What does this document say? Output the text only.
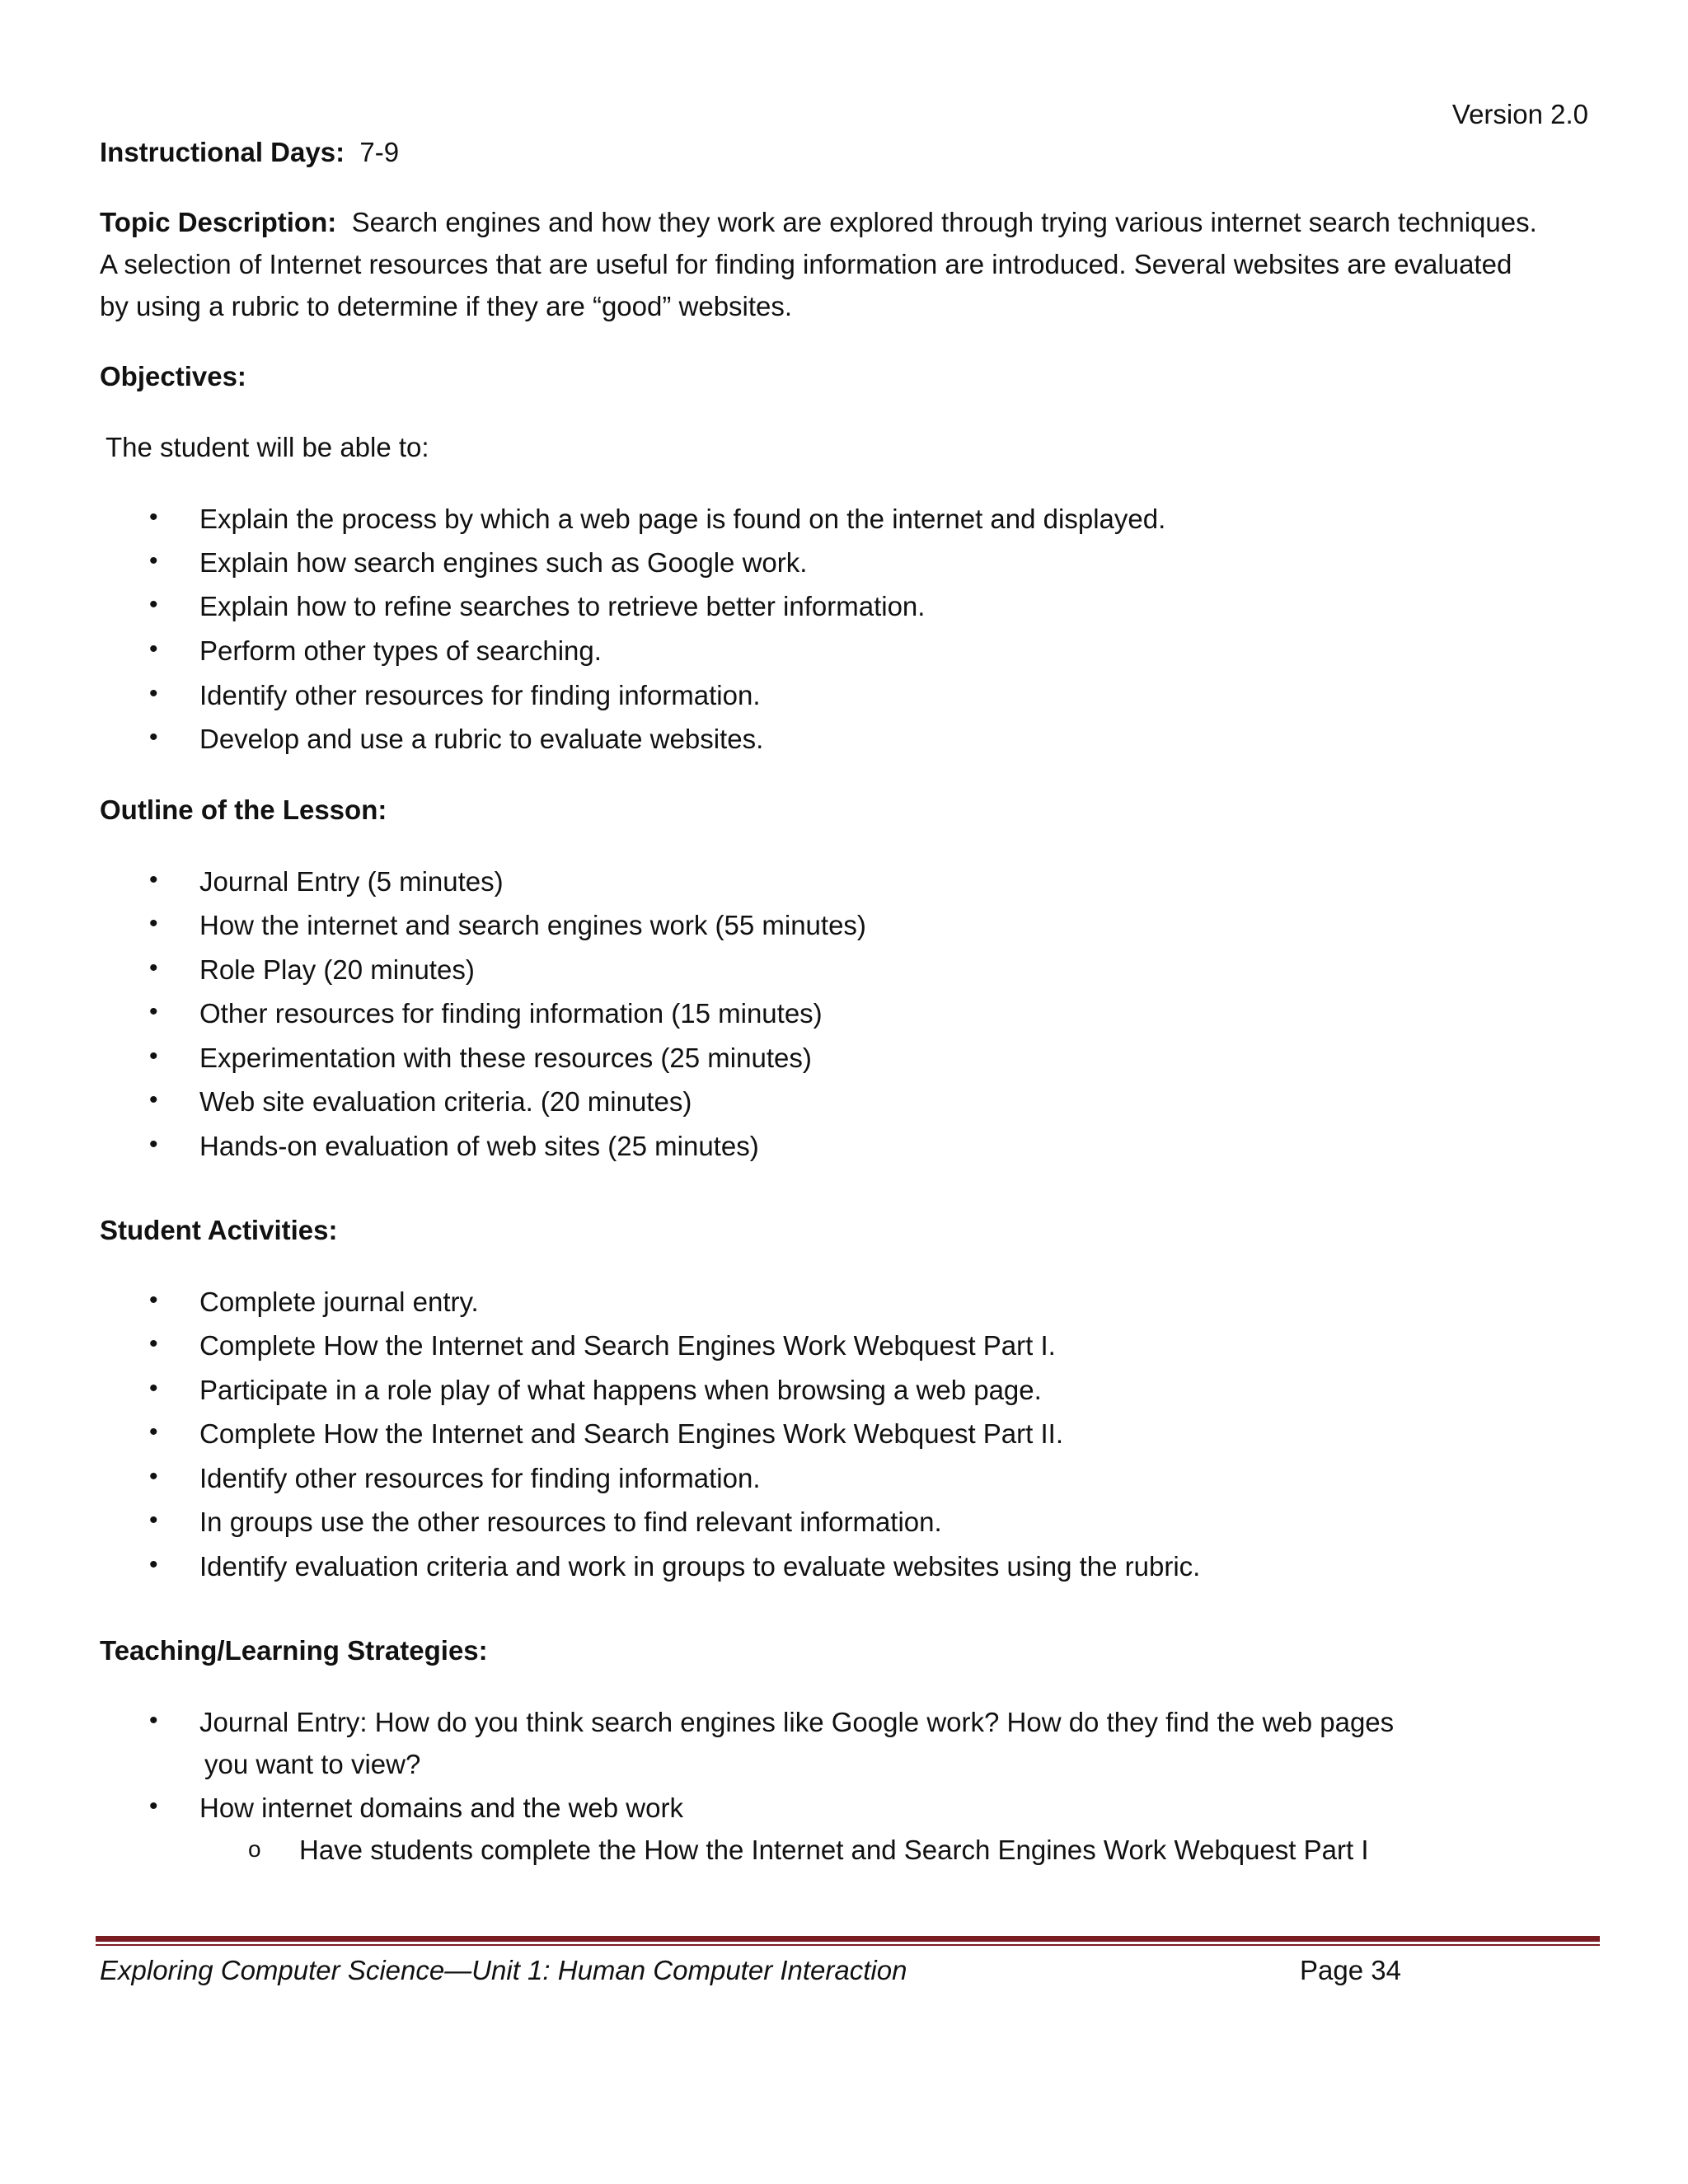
Version 2.0

Instructional Days: 7-9

Topic Description: Search engines and how they work are explored through trying various internet search techniques.

A selection of Internet resources that are useful for finding information are introduced. Several websites are evaluated

by using a rubric to determine if they are “good” websites.

Objectives:

The student will be able to:

• Explain the process by which a web page is found on the internet and displayed.
• Explain how search engines such as Google work.
• Explain how to refine searches to retrieve better information.
• Perform other types of searching.
• Identify other resources for finding information.
• Develop and use a rubric to evaluate websites.

Outline of the Lesson:

• Journal Entry (5 minutes)
• How the internet and search engines work (55 minutes)
• Role Play (20 minutes)
• Other resources for finding information (15 minutes)
• Experimentation with these resources (25 minutes)
• Web site evaluation criteria. (20 minutes)
• Hands-on evaluation of web sites (25 minutes)

Student Activities:

• Complete journal entry.
• Complete How the Internet and Search Engines Work Webquest Part I.
• Participate in a role play of what happens when browsing a web page.
• Complete How the Internet and Search Engines Work Webquest Part II.
• Identify other resources for finding information.
• In groups use the other resources to find relevant information.
• Identify evaluation criteria and work in groups to evaluate websites using the rubric.

Teaching/Learning Strategies:

• Journal Entry: How do you think search engines like Google work? How do they find the web pages

you want to view?

• How internet domains and the web work
o Have students complete the How the Internet and Search Engines Work Webquest Part I

Exploring Computer Science—Unit 1: Human Computer Interaction	Page 34
